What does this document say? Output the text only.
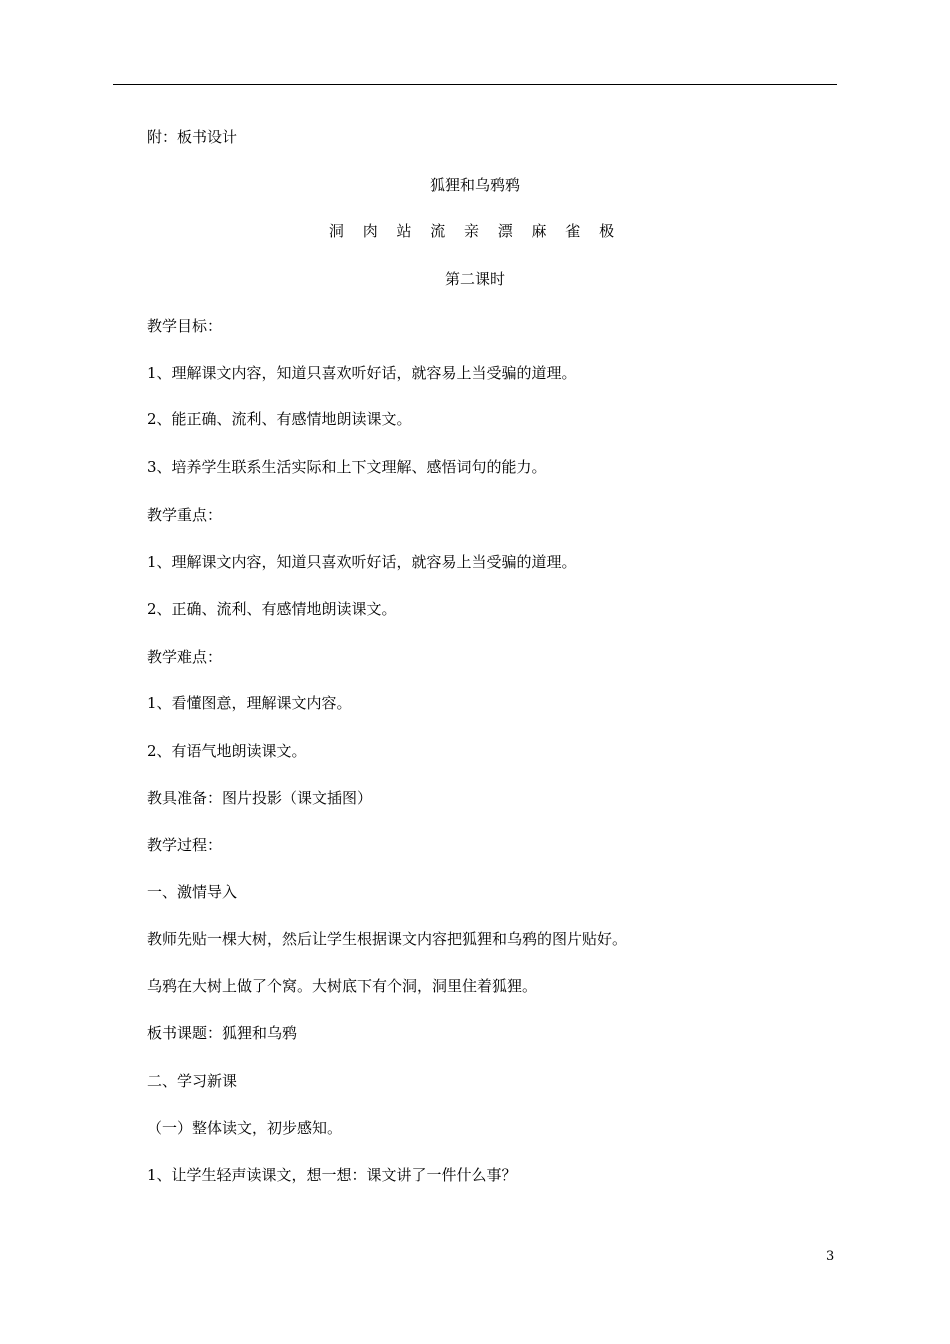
附：板书设计
狐狸和乌鸦鸦
洞 肉 站 流 亲 漂 麻 雀 极
第二课时
教学目标：
1、理解课文内容，知道只喜欢听好话，就容易上当受骗的道理。
2、能正确、流利、有感情地朗读课文。
3、培养学生联系生活实际和上下文理解、感悟词句的能力。
教学重点：
1、理解课文内容，知道只喜欢听好话，就容易上当受骗的道理。
2、正确、流利、有感情地朗读课文。
教学难点：
1、看懂图意，理解课文内容。
2、有语气地朗读课文。
教具准备：图片投影（课文插图）
教学过程：
一、激情导入
教师先贴一棵大树，然后让学生根据课文内容把狐狸和乌鸦的图片贴好。
乌鸦在大树上做了个窝。大树底下有个洞，洞里住着狐狸。
板书课题：狐狸和乌鸦
二、学习新课
（一）整体读文，初步感知。
1、让学生轻声读课文，想一想：课文讲了一件什么事？
3
